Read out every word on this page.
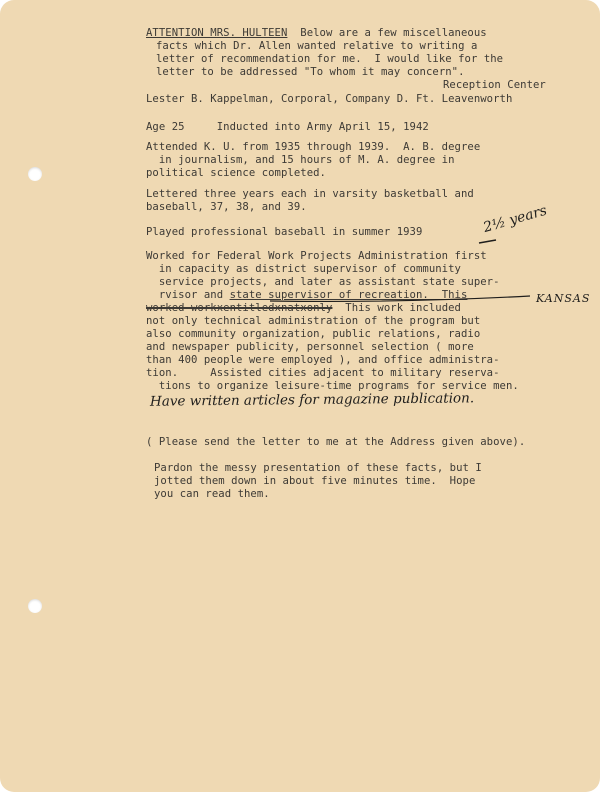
ATTENTION MRS. HULTEEN  Below are a few miscellaneous
facts which Dr. Allen wanted relative to writing a
letter of recommendation for me.  I would like for the
letter to be addressed "To whom it may concern".
Reception Center
Lester B. Kappelman, Corporal, Company D. Ft. Leavenworth
Age 25     Inducted into Army April 15, 1942
Attended K. U. from 1935 through 1939.  A. B. degree
in journalism, and 15 hours of M. A. degree in
political science completed.
Lettered three years each in varsity basketball and
baseball, 37, 38, and 39.
Played professional baseball in summer 1939	2½ years
Worked for Federal Work Projects Administration first
in capacity as district supervisor of community
service projects, and later as assistant state super-
rvisor and state supervisor of recreation.  This	KANSAS
worked workxentitledxnatxonly  This work included
not only technical administration of the program but
also community organization, public relations, radio
and newspaper publicity, personnel selection ( more
than 400 people were employed ), and office administra-
tion.     Assisted cities adjacent to military reserva-
tions to organize leisure-time programs for service men.
Have written articles for magazine publication.
( Please send the letter to me at the Address given above).
Pardon the messy presentation of these facts, but I
jotted them down in about five minutes time.  Hope
you can read them.
